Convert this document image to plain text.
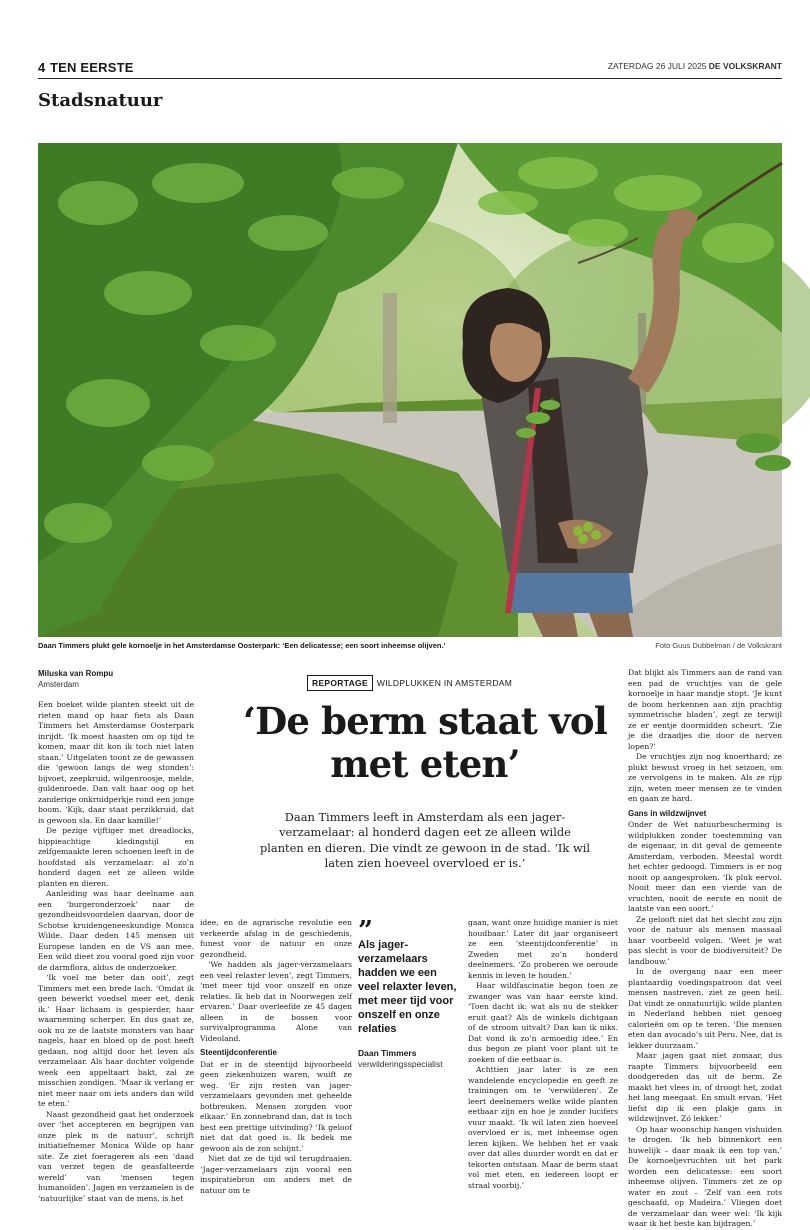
4 TEN EERSTE	ZATERDAG 26 JULI 2025 DE VOLKSKRANT
Stadsnatuur
Daan Timmers plukt gele kornoelje in het Amsterdamse Oosterpark: ‘Een delicatesse; een soort inheemse olijven.’	Foto Guus Dubbelman / de Volkskrant
Miluska van Rompu
Amsterdam

Een boeket wilde planten steekt uit de rieten mand op haar fiets als Daan Timmers het Amsterdamse Oosterpark inrijdt. ‘Ik moest haasten om op tijd te komen, maar dit kon ik toch niet laten staan.’ Uitgelaten toont ze de gewassen die ‘gewoon langs de weg stonden’: bijvoet, zeepkruid, wilgenroosje, melde, guldenroede. Dan valt haar oog op het zanderige onkruidperkje rond een jonge boom. ‘Kijk, daar staat perzikkruid, dat is gewoon sla. En daar kamille!’

De pezige vijftiger met dreadlocks, hippieachtige kledingstijl en zelfgemaakte leren schoenen leeft in de hoofdstad als verzamelaar: al zo’n honderd dagen eet ze alleen wilde planten en dieren.

Aanleiding was haar deelname aan een ‘burgeronderzoek’ naar de gezondheidsvoordelen daarvan, door de Schotse kruidengeneeskundige Monica Wilde. Daar deden 145 mensen uit Europese landen en de VS aan mee. Een wild dieet zou vooral goed zijn voor de darmflora, aldus de onderzoeker.

‘Ik voel me beter dan ooit’, zegt Timmers met een brede lach. ‘Omdat ik geen bewerkt voedsel meer eet, denk ik.’ Haar lichaam is gespierder, haar waarneming scherper. En dus gaat ze, ook nu ze de laatste monsters van haar nagels, haar en bloed op de post heeft gedaan, nog altijd door het leven als verzamelaar. Als haar dochter volgende week een appeltaart bakt, zal ze misschien zondigen. ‘Maar ik verlang er niet meer naar om iets anders dan wild te eten.’

Naast gezondheid gaat het onderzoek over ‘het accepteren en begrijpen van onze plek in de natuur’, schrijft initiatiefnemer Monica Wilde op haar site. Ze ziet foeragerен als een ‘daad van verzet tegen de geasfalteerde wereld’ van ‘mensen tegen humanoïden’. Jagen en verzamelen is de ‘natuurlijke’ staat van de mens, is het

REPORTAGE	WILDPLUKKEN IN AMSTERDAM
‘De berm staat vol met eten’
Daan Timmers leeft in Amsterdam als een jager-verzamelaar: al honderd dagen eet ze alleen wilde planten en dieren. Die vindt ze gewoon in de stad. ‘Ik wil laten zien hoeveel overvloed er is.’

idee, en de agrarische revolutie een verkeerde afslag in de geschiedenis, funest voor de natuur en onze gezondheid.

‘We hadden als jager-verzamelaars een veel relaxter leven’, zegt Timmers, ‘met meer tijd voor onszelf en onze relaties. Ik heb dat in Noorwegen zelf ervaren.’ Daar overleefde ze 45 dagen alleen in de bossen voor survivalprogramma Alone van Videoland.

Steentijdconferentie

Dat er in de steentijd bijvoorbeeld geen ziekenhuizen waren, wuift ze weg. ‘Er zijn resten van jager-verzamelaars gevonden met geheelde botbreuken. Mensen zorgden voor elkaar.’ En zonnebrand dan, dat is toch best een prettige uitvinding? ‘Ik geloof niet dat dat goed is. Ik bedek me gewoon als de zon schijnt.’

Niet dat ze de tijd wil terugdraaien. ‘Jager-verzamelaars zijn vooral een inspiratiebron om anders met de natuur om te

”
Als jager-verzamelaars hadden we een veel relaxter leven, met meer tijd voor onszelf en onze relaties
Daan Timmers
verwilderingsspecialist

gaan, want onze huidige manier is niet houdbaar.’ Later dit jaar organiseert ze een ‘steentijdconferentie’ in Zweden met zo’n honderd deelnemers. ‘Zo proberen we oeroude kennis in leven te houden.’

Haar wildfascinatie begon toen ze zwanger was van haar eerste kind. ‘Toen dacht ik: wat als nu de stekker eruit gaat? Als de winkels dichtgaan of de stroom uitvalt? Dan kan ik niks. Dat vond ik zo’n armoedig idee.’ En dus begon ze plant voor plant uit te zoeken of die eetbaar is.

Achttien jaar later is ze een wandelende encyclopedie en geeft ze trainingen om te ‘verwilderen’. Ze leert deelnemers welke wilde planten eetbaar zijn en hoe je zonder lucifers vuur maakt. ‘Ik wil laten zien hoeveel overvloed er is, met inheemse ogen leren kijken. We hebben het er vaak over dat alles duurder wordt en dat er tekorten ontstaan. Maar de berm staat vol met eten, en iedereen loopt er straal voorbij.’

Dat blijkt als Timmers aan de rand van een pad de vruchtjes van de gele kornoelje in haar mandje stopt. ‘Je kunt de boom herkennen aan zijn prachtig symmetrische bladen’, zegt ze terwijl ze er eentje doormidden scheurt. ‘Zie je die draadjes die door de nerven lopen?’

De vruchtjes zijn nog knoerthard; ze plukt bewust vroeg in het seizoen, om ze vervolgens in te maken. Als ze rijp zijn, weten meer mensen ze te vinden en gaan ze hard.

Gans in wildzwijnvet

Onder de Wet natuurbescherming is wildplukken zonder toestemming van de eigenaar, in dit geval de gemeente Amsterdam, verboden. Meestal wordt het echter gedoogd. Timmers is er nog nooit op aangesproken. ‘Ik pluk eervol. Nooit meer dan een vierde van de vruchten, nooit de eerste en nooit de laatste van een soort.’

Ze gelooft niet dat het slecht zou zijn voor de natuur als mensen massaal haar voorbeeld volgen. ‘Weet je wat pas slecht is voor de biodiversiteit? De landbouw.’

In de overgang naar een meer plantaardig voedingspatroon dat veel mensen nastreven, ziet ze geen heil. Dat vindt ze onnatuurlijk: wilde planten in Nederland hebben niet genoeg calorieën om op te teren. ‘Die mensen eten dan avocado’s uit Peru. Nee, dat is lekker duurzaam.’

Maar jagen gaat niet zomaar, dus raapte Timmers bijvoorbeeld een doodgereden das uit de berm. Ze maakt het vlees in, of droogt het, zodat het lang meegaat. En smult ervan. ‘Het liefst dip ik een plakje gans in wildzwijnvet. Zó lekker.’

Op haar woonschip hangen vishuiden te drogen. ‘Ik heb binnenkort een huwelijk – daar maak ik een top van.’ De kornoeljevruchten uit het park worden een delicatesse: een soort inheemse olijven. Timmers zet ze op water en zout – ‘Zelf van een rots geschaafd, op Madeira.’ Vliegen doet de verzamelaar dan weer wel: ‘Ik kijk waar ik het beste kan bijdragen.’
